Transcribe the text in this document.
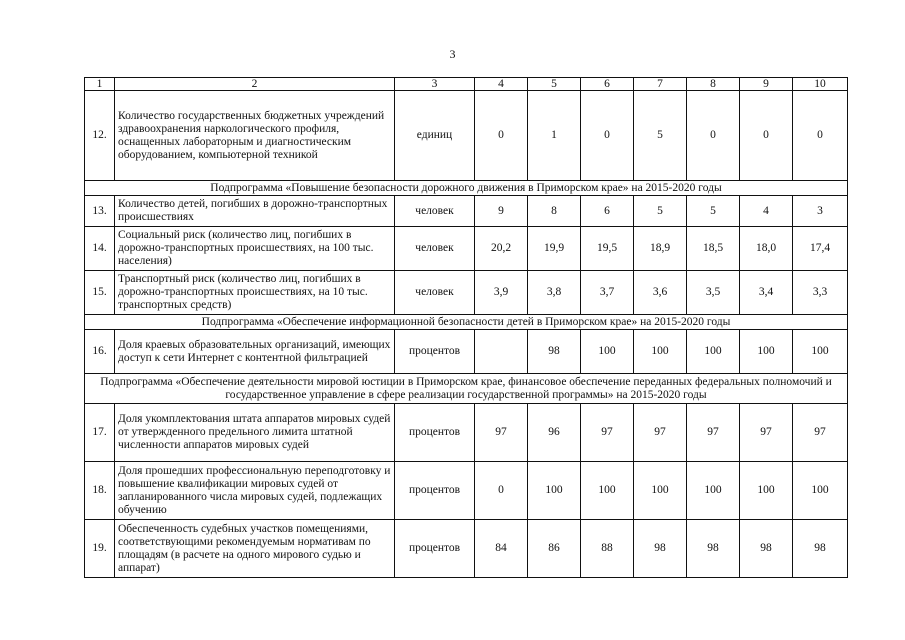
3
1	2	3	4	5	6	7	8	9	10
12.	Количество государственных бюджетных учреждений здравоохранения наркологического профиля, оснащенных лабораторным и диагностическим оборудованием, компьютерной техникой	единиц	0	1	0	5	0	0	0
Подпрограмма «Повышение безопасности дорожного движения в Приморском крае» на 2015-2020 годы									
13.	Количество детей, погибших в дорожно-транспортных происшествиях	человек	9	8	6	5	5	4	3
14.	Социальный риск (количество лиц, погибших в дорожно-транспортных происшествиях, на 100 тыс. населения)	человек	20,2	19,9	19,5	18,9	18,5	18,0	17,4
15.	Транспортный риск (количество лиц, погибших в дорожно-транспортных происшествиях, на 10 тыс. транспортных средств)	человек	3,9	3,8	3,7	3,6	3,5	3,4	3,3
Подпрограмма «Обеспечение информационной безопасности детей в Приморском крае» на 2015-2020 годы									
16.	Доля краевых образовательных организаций, имеющих доступ к сети Интернет с контентной фильтрацией	процентов		98	100	100	100	100	100
Подпрограмма «Обеспечение деятельности мировой юстиции в Приморском крае, финансовое обеспечение переданных федеральных полномочий и государственное управление в сфере реализации государственной программы» на 2015-2020 годы									
17.	Доля укомплектования штата аппаратов мировых судей от утвержденного предельного лимита штатной численности аппаратов мировых судей	процентов	97	96	97	97	97	97	97
18.	Доля прошедших профессиональную переподготовку и повышение квалификации мировых судей от запланированного числа мировых судей, подлежащих обучению	процентов	0	100	100	100	100	100	100
19.	Обеспеченность судебных участков помещениями, соответствующими рекомендуемым нормативам по площадям (в расчете на одного мирового судью и аппарат)	процентов	84	86	88	98	98	98	98
